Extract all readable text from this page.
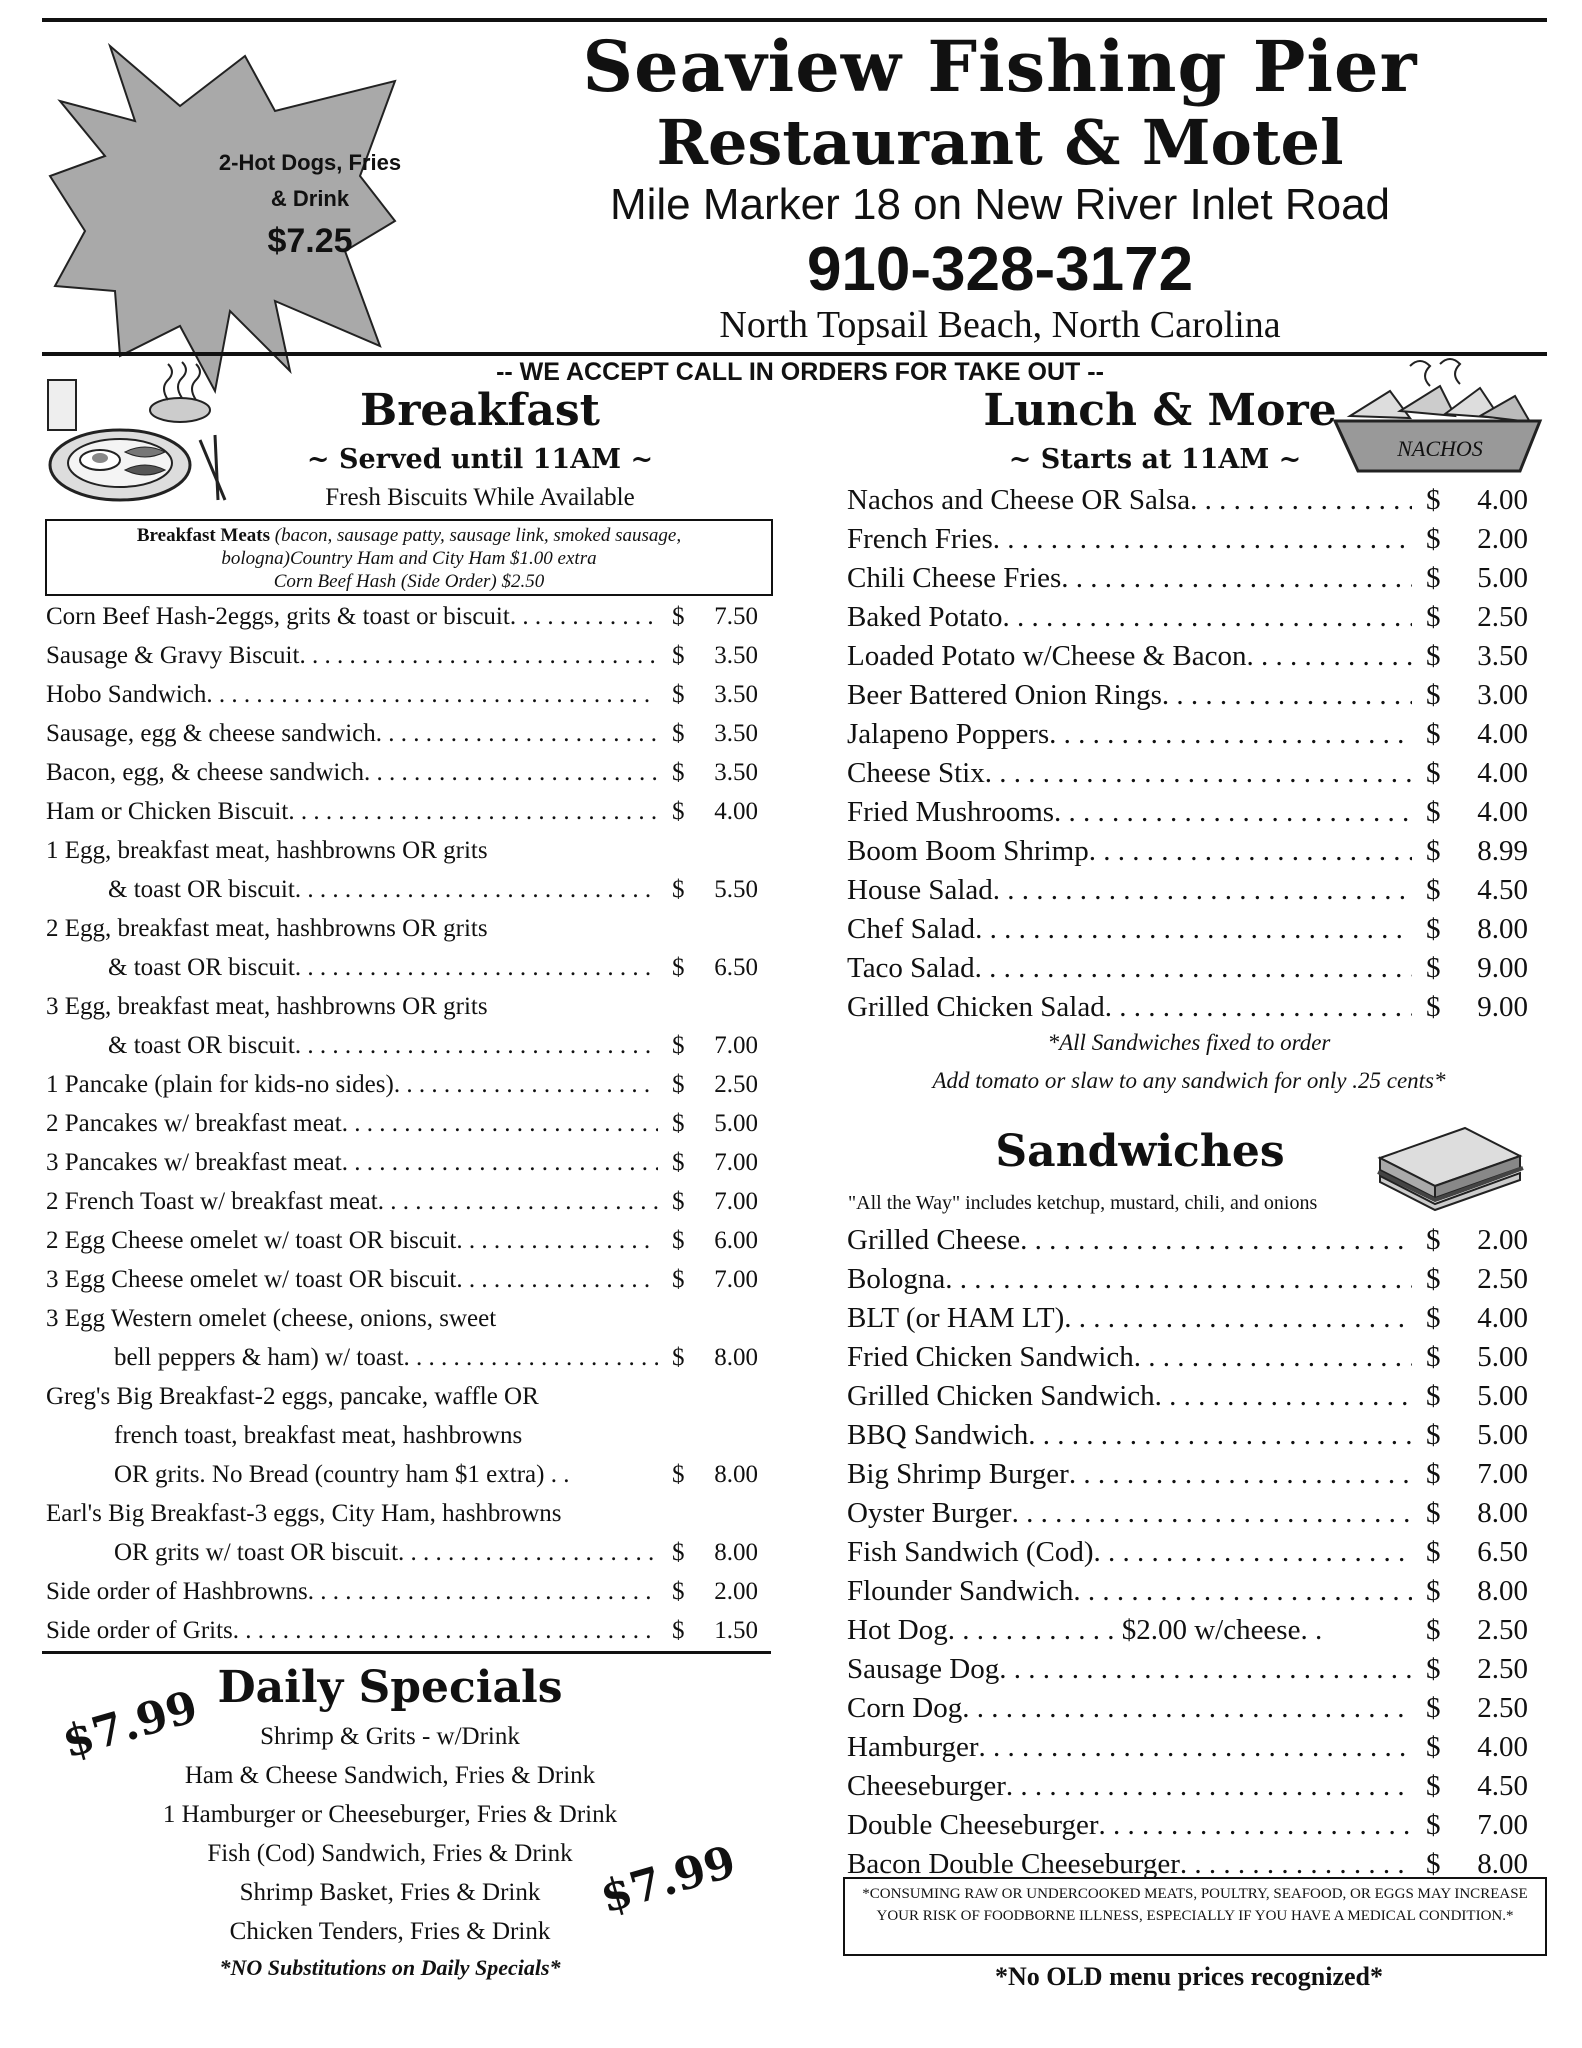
2-Hot Dogs, Fries
& Drink
$7.25
Seaview Fishing Pier
Restaurant & Motel
Mile Marker 18 on New River Inlet Road
910-328-3172
North Topsail Beach, North Carolina
-- WE ACCEPT CALL IN ORDERS FOR TAKE OUT --
Breakfast
~ Served until 11AM ~
Fresh Biscuits While Available
Breakfast Meats (bacon, sausage patty, sausage link, smoked sausage,
bologna)Country Ham and City Ham $1.00 extra
Corn Beef Hash (Side Order) $2.50
Corn Beef Hash-2eggs, grits & toast or biscuit . . .	$ 7.50
Sausage & Gravy Biscuit . . .	$ 3.50
Hobo Sandwich . . .	$ 3.50
Sausage, egg & cheese sandwich . . .	$ 3.50
Bacon, egg, & cheese sandwich . . .	$ 3.50
Ham or Chicken Biscuit . . .	$ 4.00
1 Egg, breakfast meat, hashbrowns OR grits
& toast OR biscuit . . .	$ 5.50
2 Egg, breakfast meat, hashbrowns OR grits
& toast OR biscuit . . .	$ 6.50
3 Egg, breakfast meat, hashbrowns OR grits
& toast OR biscuit . . .	$ 7.00
1 Pancake (plain for kids-no sides) . . .	$ 2.50
2 Pancakes w/ breakfast meat . . .	$ 5.00
3 Pancakes w/ breakfast meat . . .	$ 7.00
2 French Toast w/ breakfast meat . . .	$ 7.00
2 Egg Cheese omelet w/ toast OR biscuit . . .	$ 6.00
3 Egg Cheese omelet w/ toast OR biscuit . . .	$ 7.00
3 Egg Western omelet (cheese, onions, sweet
bell peppers & ham) w/ toast . . .	$ 8.00
Greg's Big Breakfast-2 eggs, pancake, waffle OR
french toast, breakfast meat, hashbrowns
OR grits. No Bread (country ham $1 extra) . .	$ 8.00
Earl's Big Breakfast-3 eggs, City Ham, hashbrowns
OR grits w/ toast OR biscuit . . .	$ 8.00
Side order of Hashbrowns . . .	$ 2.00
Side order of Grits . . .	$ 1.50
Daily Specials
$7.99
$7.99
Shrimp & Grits - w/Drink
Ham & Cheese Sandwich, Fries & Drink
1 Hamburger or Cheeseburger, Fries & Drink
Fish (Cod) Sandwich, Fries & Drink
Shrimp Basket, Fries & Drink
Chicken Tenders, Fries & Drink
*NO Substitutions on Daily Specials*
Lunch & More
~ Starts at 11AM ~	NACHOS
Nachos and Cheese OR Salsa . . .	$ 4.00
French Fries . . .	$ 2.00
Chili Cheese Fries . . .	$ 5.00
Baked Potato . . .	$ 2.50
Loaded Potato w/Cheese & Bacon . . .	$ 3.50
Beer Battered Onion Rings . . .	$ 3.00
Jalapeno Poppers . . .	$ 4.00
Cheese Stix . . .	$ 4.00
Fried Mushrooms . . .	$ 4.00
Boom Boom Shrimp . . .	$ 8.99
House Salad . . .	$ 4.50
Chef Salad . . .	$ 8.00
Taco Salad . . .	$ 9.00
Grilled Chicken Salad . . .	$ 9.00
*All Sandwiches fixed to order
Add tomato or slaw to any sandwich for only .25 cents*
Sandwiches
"All the Way" includes ketchup, mustard, chili, and onions
Grilled Cheese . . .	$ 2.00
Bologna . . .	$ 2.50
BLT (or HAM LT) . . .	$ 4.00
Fried Chicken Sandwich . . .	$ 5.00
Grilled Chicken Sandwich . . .	$ 5.00
BBQ Sandwich . . .	$ 5.00
Big Shrimp Burger . . .	$ 7.00
Oyster Burger . . .	$ 8.00
Fish Sandwich (Cod) . . .	$ 6.50
Flounder Sandwich . . .	$ 8.00
Hot Dog. . . . . . . . . . . . $2.00 w/cheese. .	$ 2.50
Sausage Dog . . .	$ 2.50
Corn Dog . . .	$ 2.50
Hamburger . . .	$ 4.00
Cheeseburger . . .	$ 4.50
Double Cheeseburger . . .	$ 7.00
Bacon Double Cheeseburger . . .	$ 8.00
*CONSUMING RAW OR UNDERCOOKED MEATS, POULTRY, SEAFOOD, OR EGGS MAY INCREASE YOUR RISK OF FOODBORNE ILLNESS, ESPECIALLY IF YOU HAVE A MEDICAL CONDITION.*
*No OLD menu prices recognized*
